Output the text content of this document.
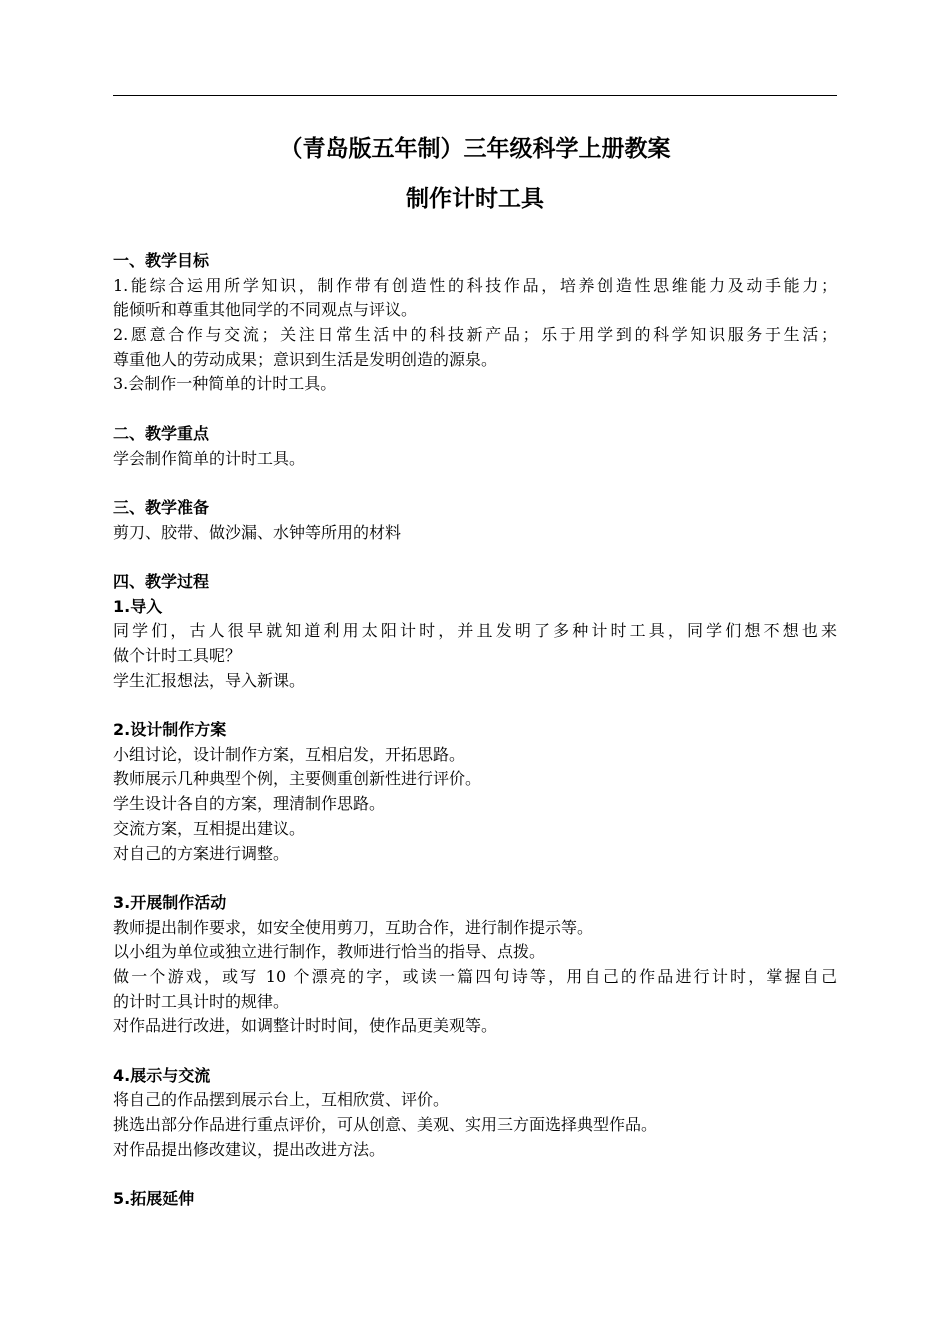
（青岛版五年制）三年级科学上册教案
制作计时工具
一、教学目标
1.能综合运用所学知识，制作带有创造性的科技作品，培养创造性思维能力及动手能力；
能倾听和尊重其他同学的不同观点与评议。
2.愿意合作与交流；关注日常生活中的科技新产品；乐于用学到的科学知识服务于生活；
尊重他人的劳动成果；意识到生活是发明创造的源泉。
3.会制作一种简单的计时工具。
二、教学重点
学会制作简单的计时工具。
三、教学准备
剪刀、胶带、做沙漏、水钟等所用的材料
四、教学过程
1.导入
同学们，古人很早就知道利用太阳计时，并且发明了多种计时工具，同学们想不想也来
做个计时工具呢？
学生汇报想法，导入新课。
2.设计制作方案
小组讨论，设计制作方案，互相启发，开拓思路。
教师展示几种典型个例，主要侧重创新性进行评价。
学生设计各自的方案，理清制作思路。
交流方案，互相提出建议。
对自己的方案进行调整。
3.开展制作活动
教师提出制作要求，如安全使用剪刀，互助合作，进行制作提示等。
以小组为单位或独立进行制作，教师进行恰当的指导、点拨。
做一个游戏，或写 10 个漂亮的字，或读一篇四句诗等，用自己的作品进行计时，掌握自己
的计时工具计时的规律。
对作品进行改进，如调整计时时间，使作品更美观等。
4.展示与交流
将自己的作品摆到展示台上，互相欣赏、评价。
挑选出部分作品进行重点评价，可从创意、美观、实用三方面选择典型作品。
对作品提出修改建议，提出改进方法。
5.拓展延伸
